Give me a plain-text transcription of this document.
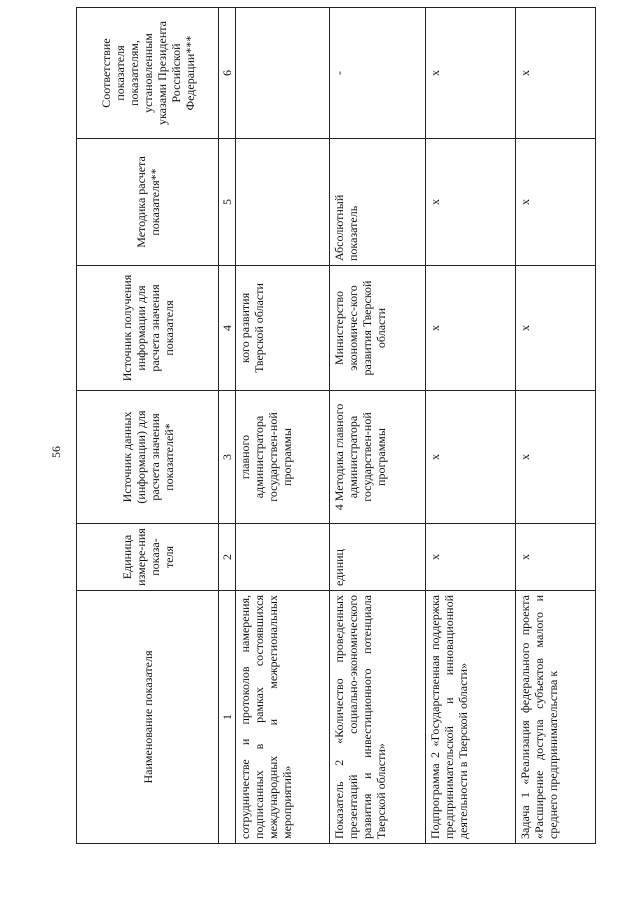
56
Наименование показателя	Единица измере-ния показа-теля	Источник данных (информации) для расчета значения показателей*	Источник получения информации для расчета значения показателя	Методика расчета показателя**	Соответствие показателя показателям, установленным указами Президента Российской Федерации***
1	2	3	4	5	6
сотрудничестве и протоколов намерения, подписанных в рамках состоявшихся международных и межрегиональных мероприятий»		главного администратора государствен-ной программы	кого развития Тверской области		
Показатель 2 «Количество проведенных презентаций социально-экономического развития и инвестиционного потенциала Тверской области»	единиц	4 Методика главного администратора государствен-ной программы	Министерство экономичес-кого развития Тверской области	Абсолютный показатель	-
Подпрограмма 2 «Государственная поддержка предпринимательской и инновационной деятельности в Тверской области»	x	x	x	x	x
Задача 1 «Реализация федерального проекта «Расширение доступа субъектов малого и среднего предпринимательства к	x	x	x	x	x
